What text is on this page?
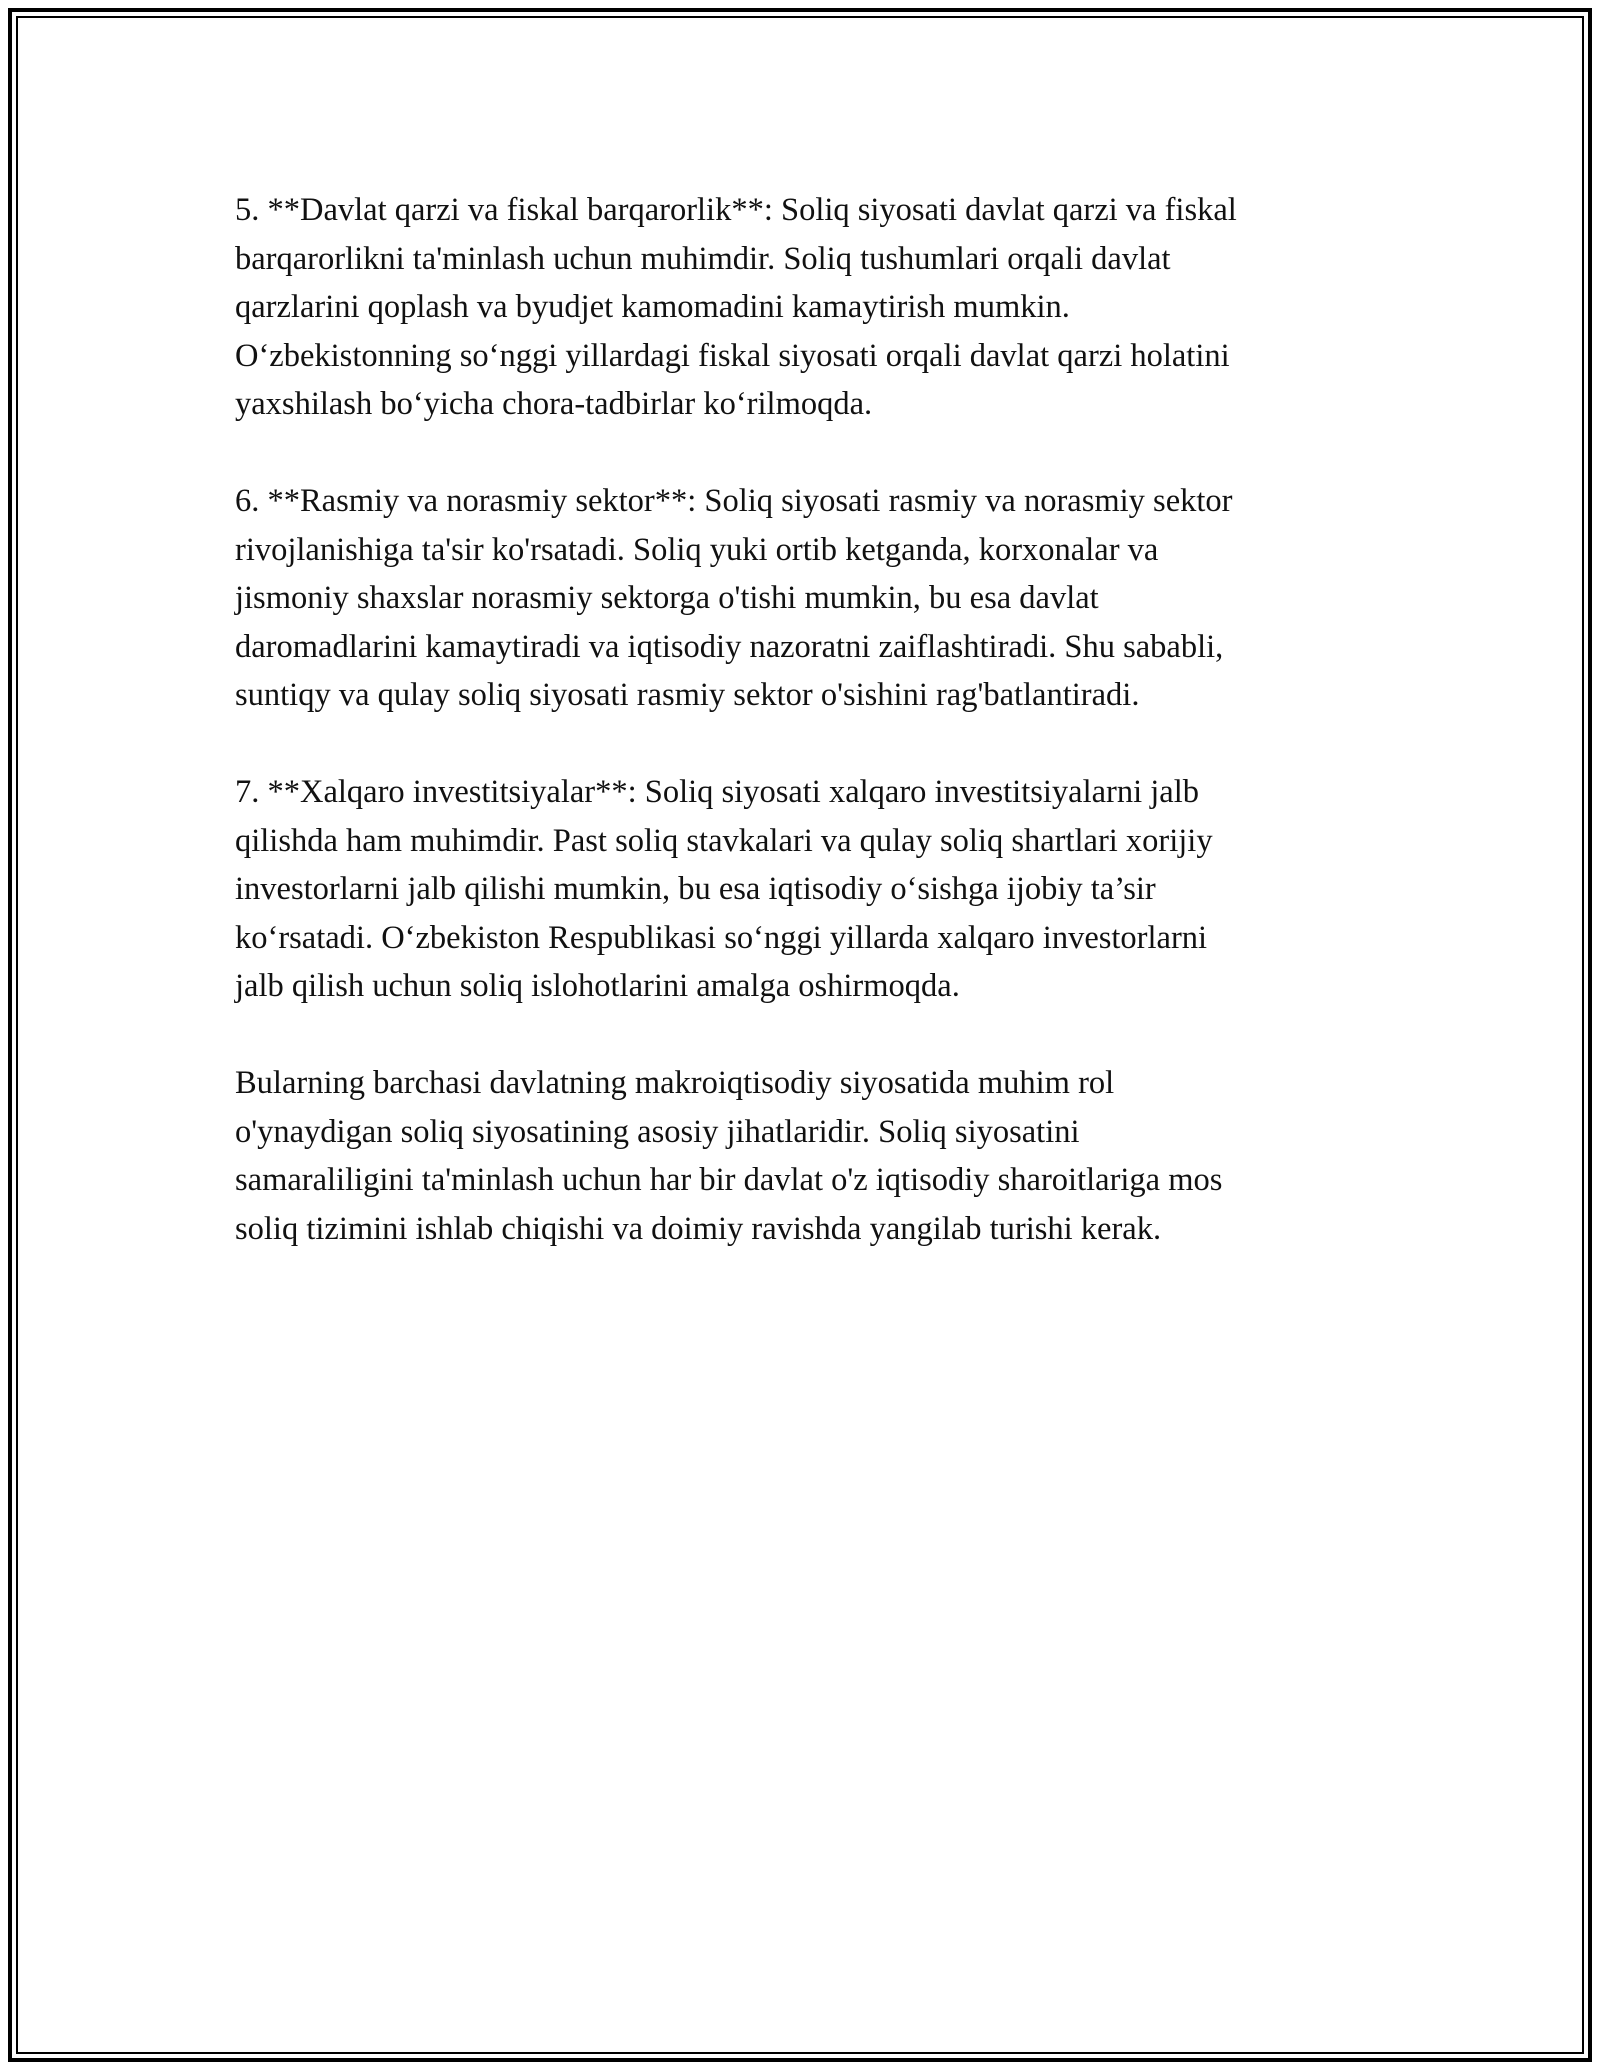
5. **Davlat qarzi va fiskal barqarorlik**: Soliq siyosati davlat qarzi va fiskal
barqarorlikni ta'minlash uchun muhimdir. Soliq tushumlari orqali davlat
qarzlarini qoplash va byudjet kamomadini kamaytirish mumkin.
O‘zbekistonning so‘nggi yillardagi fiskal siyosati orqali davlat qarzi holatini
yaxshilash bo‘yicha chora-tadbirlar ko‘rilmoqda.

6. **Rasmiy va norasmiy sektor**: Soliq siyosati rasmiy va norasmiy sektor
rivojlanishiga ta'sir ko'rsatadi. Soliq yuki ortib ketganda, korxonalar va
jismoniy shaxslar norasmiy sektorga o'tishi mumkin, bu esa davlat
daromadlarini kamaytiradi va iqtisodiy nazoratni zaiflashtiradi. Shu sababli,
suntiqy va qulay soliq siyosati rasmiy sektor o'sishini rag'batlantiradi.

7. **Xalqaro investitsiyalar**: Soliq siyosati xalqaro investitsiyalarni jalb
qilishda ham muhimdir. Past soliq stavkalari va qulay soliq shartlari xorijiy
investorlarni jalb qilishi mumkin, bu esa iqtisodiy o‘sishga ijobiy ta’sir
ko‘rsatadi. O‘zbekiston Respublikasi so‘nggi yillarda xalqaro investorlarni
jalb qilish uchun soliq islohotlarini amalga oshirmoqda.

Bularning barchasi davlatning makroiqtisodiy siyosatida muhim rol
o'ynaydigan soliq siyosatining asosiy jihatlaridir. Soliq siyosatini
samaraliligini ta'minlash uchun har bir davlat o'z iqtisodiy sharoitlariga mos
soliq tizimini ishlab chiqishi va doimiy ravishda yangilab turishi kerak.
